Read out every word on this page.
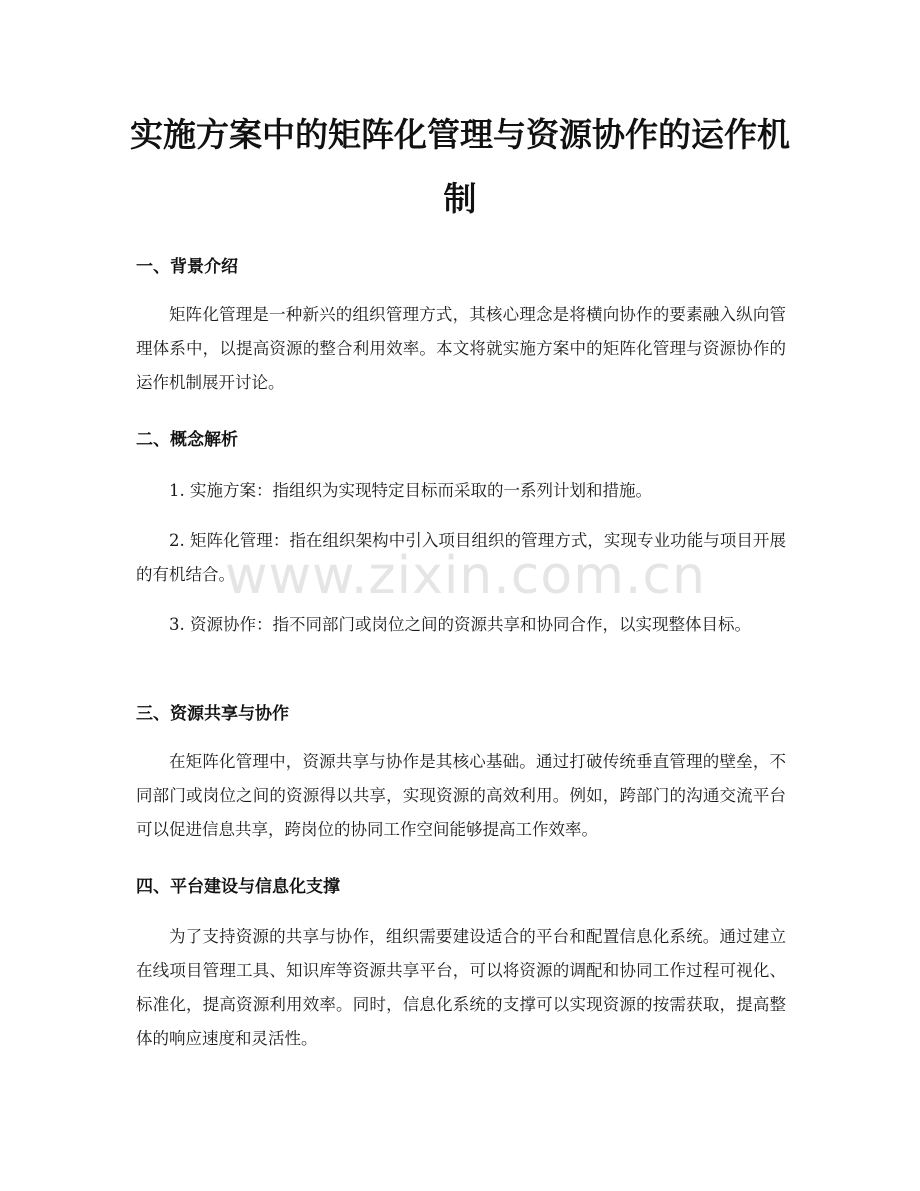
实施方案中的矩阵化管理与资源协作的运作机制
一、背景介绍

矩阵化管理是一种新兴的组织管理方式，其核心理念是将横向协作的要素融入纵向管理体系中，以提高资源的整合利用效率。本文将就实施方案中的矩阵化管理与资源协作的运作机制展开讨论。

二、概念解析

1. 实施方案：指组织为实现特定目标而采取的一系列计划和措施。

2. 矩阵化管理：指在组织架构中引入项目组织的管理方式，实现专业功能与项目开展的有机结合。

3. 资源协作：指不同部门或岗位之间的资源共享和协同合作，以实现整体目标。

三、资源共享与协作

在矩阵化管理中，资源共享与协作是其核心基础。通过打破传统垂直管理的壁垒，不同部门或岗位之间的资源得以共享，实现资源的高效利用。例如，跨部门的沟通交流平台可以促进信息共享，跨岗位的协同工作空间能够提高工作效率。

四、平台建设与信息化支撑

为了支持资源的共享与协作，组织需要建设适合的平台和配置信息化系统。通过建立在线项目管理工具、知识库等资源共享平台，可以将资源的调配和协同工作过程可视化、标准化，提高资源利用效率。同时，信息化系统的支撑可以实现资源的按需获取，提高整体的响应速度和灵活性。

www.zixin.com.cn
